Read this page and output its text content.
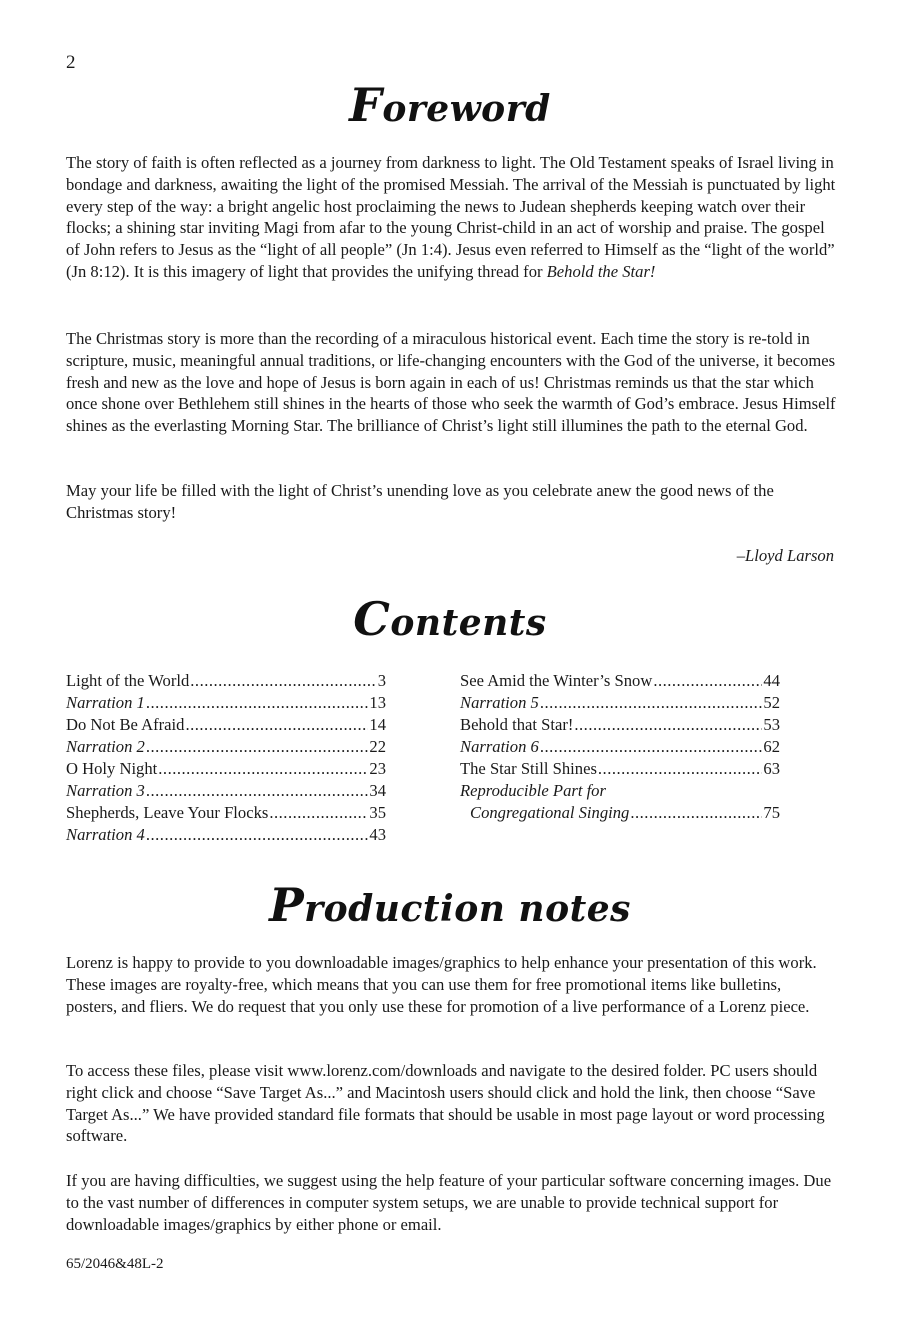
2
Foreword

The story of faith is often reflected as a journey from darkness to light. The Old Testament speaks of Israel living in bondage and darkness, awaiting the light of the promised Messiah. The arrival of the Messiah is punctuated by light every step of the way: a bright angelic host proclaiming the news to Judean shepherds keeping watch over their flocks; a shining star inviting Magi from afar to the young Christ-child in an act of worship and praise. The gospel of John refers to Jesus as the “light of all people” (Jn 1:4). Jesus even referred to Himself as the “light of the world” (Jn 8:12). It is this imagery of light that provides the unifying thread for Behold the Star!

The Christmas story is more than the recording of a miraculous historical event. Each time the story is re-told in scripture, music, meaningful annual traditions, or life-changing encounters with the God of the universe, it becomes fresh and new as the love and hope of Jesus is born again in each of us! Christmas reminds us that the star which once shone over Bethlehem still shines in the hearts of those who seek the warmth of God’s embrace. Jesus Himself shines as the everlasting Morning Star. The brilliance of Christ’s light still illumines the path to the eternal God.

May your life be filled with the light of Christ’s unending love as you celebrate anew the good news of the Christmas story!

–Lloyd Larson
Contents
Light of the World .....	3
Narration 1 .....	13
Do Not Be Afraid .....	14
Narration 2 .....	22
O Holy Night .....	23
Narration 3 .....	34
Shepherds, Leave Your Flocks .....	35
Narration 4 .....	43
See Amid the Winter’s Snow .....	44
Narration 5 .....	52
Behold that Star! .....	53
Narration 6 .....	62
The Star Still Shines .....	63
Reproducible Part for
Congregational Singing .....	75
Production notes

Lorenz is happy to provide to you downloadable images/graphics to help enhance your presentation of this work. These images are royalty-free, which means that you can use them for free promotional items like bulletins, posters, and fliers. We do request that you only use these for promotion of a live performance of a Lorenz piece.

To access these files, please visit www.lorenz.com/downloads and navigate to the desired folder. PC users should right click and choose “Save Target As...” and Macintosh users should click and hold the link, then choose “Save Target As...” We have provided standard file formats that should be usable in most page layout or word processing software.

If you are having difficulties, we suggest using the help feature of your particular software concerning images. Due to the vast number of differences in computer system setups, we are unable to provide technical support for downloadable images/graphics by either phone or email.

65/2046&48L-2
